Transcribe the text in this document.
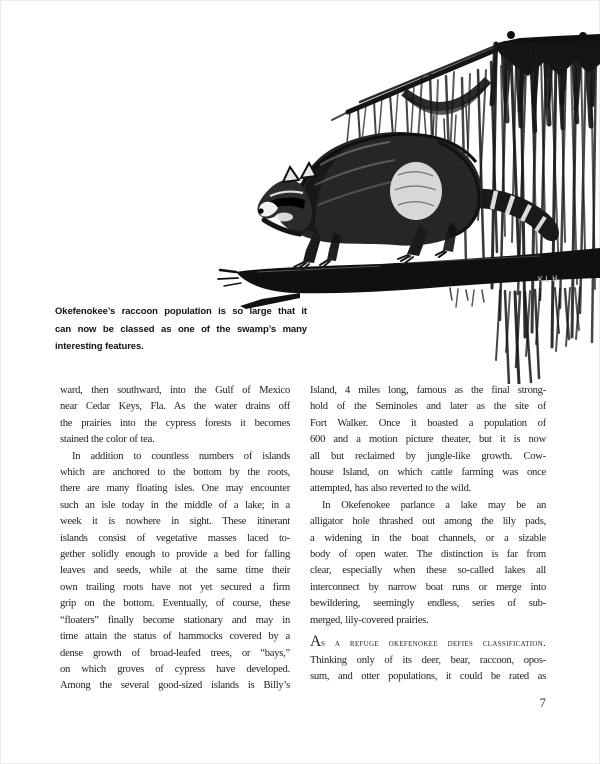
KLH
Okefenokee’s raccoon population is so large that it
can now be classed as one of the swamp’s many
interesting features.
ward, then southward, into the Gulf of Mexico
near Cedar Keys, Fla. As the water drains off
the prairies into the cypress forests it becomes
stained the color of tea.
In addition to countless numbers of islands
which are anchored to the bottom by the roots,
there are many floating isles. One may encounter
such an isle today in the middle of a lake; in a
week it is nowhere in sight. These itinerant
islands consist of vegetative masses laced to-
gether solidly enough to provide a bed for falling
leaves and seeds, while at the same time their
own trailing roots have not yet secured a firm
grip on the bottom. Eventually, of course, these
“floaters” finally become stationary and may in
time attain the status of hammocks covered by a
dense growth of broad-leafed trees, or “bays,”
on which groves of cypress have developed.
Among the several good-sized islands is Billy’s
Island, 4 miles long, famous as the final strong-
hold of the Seminoles and later as the site of
Fort Walker. Once it boasted a population of
600 and a motion picture theater, but it is now
all but reclaimed by jungle-like growth. Cow-
house Island, on which cattle farming was once
attempted, has also reverted to the wild.
In Okefenokee parlance a lake may be an
alligator hole thrashed out among the lily pads,
a widening in the boat channels, or a sizable
body of open water. The distinction is far from
clear, especially when these so-called lakes all
interconnect by narrow boat runs or merge into
bewildering, seemingly endless, series of sub-
merged, lily-covered prairies.
As a refuge okefenokee defies classification.
Thinking only of its deer, bear, raccoon, opos-
sum, and otter populations, it could be rated as
7
